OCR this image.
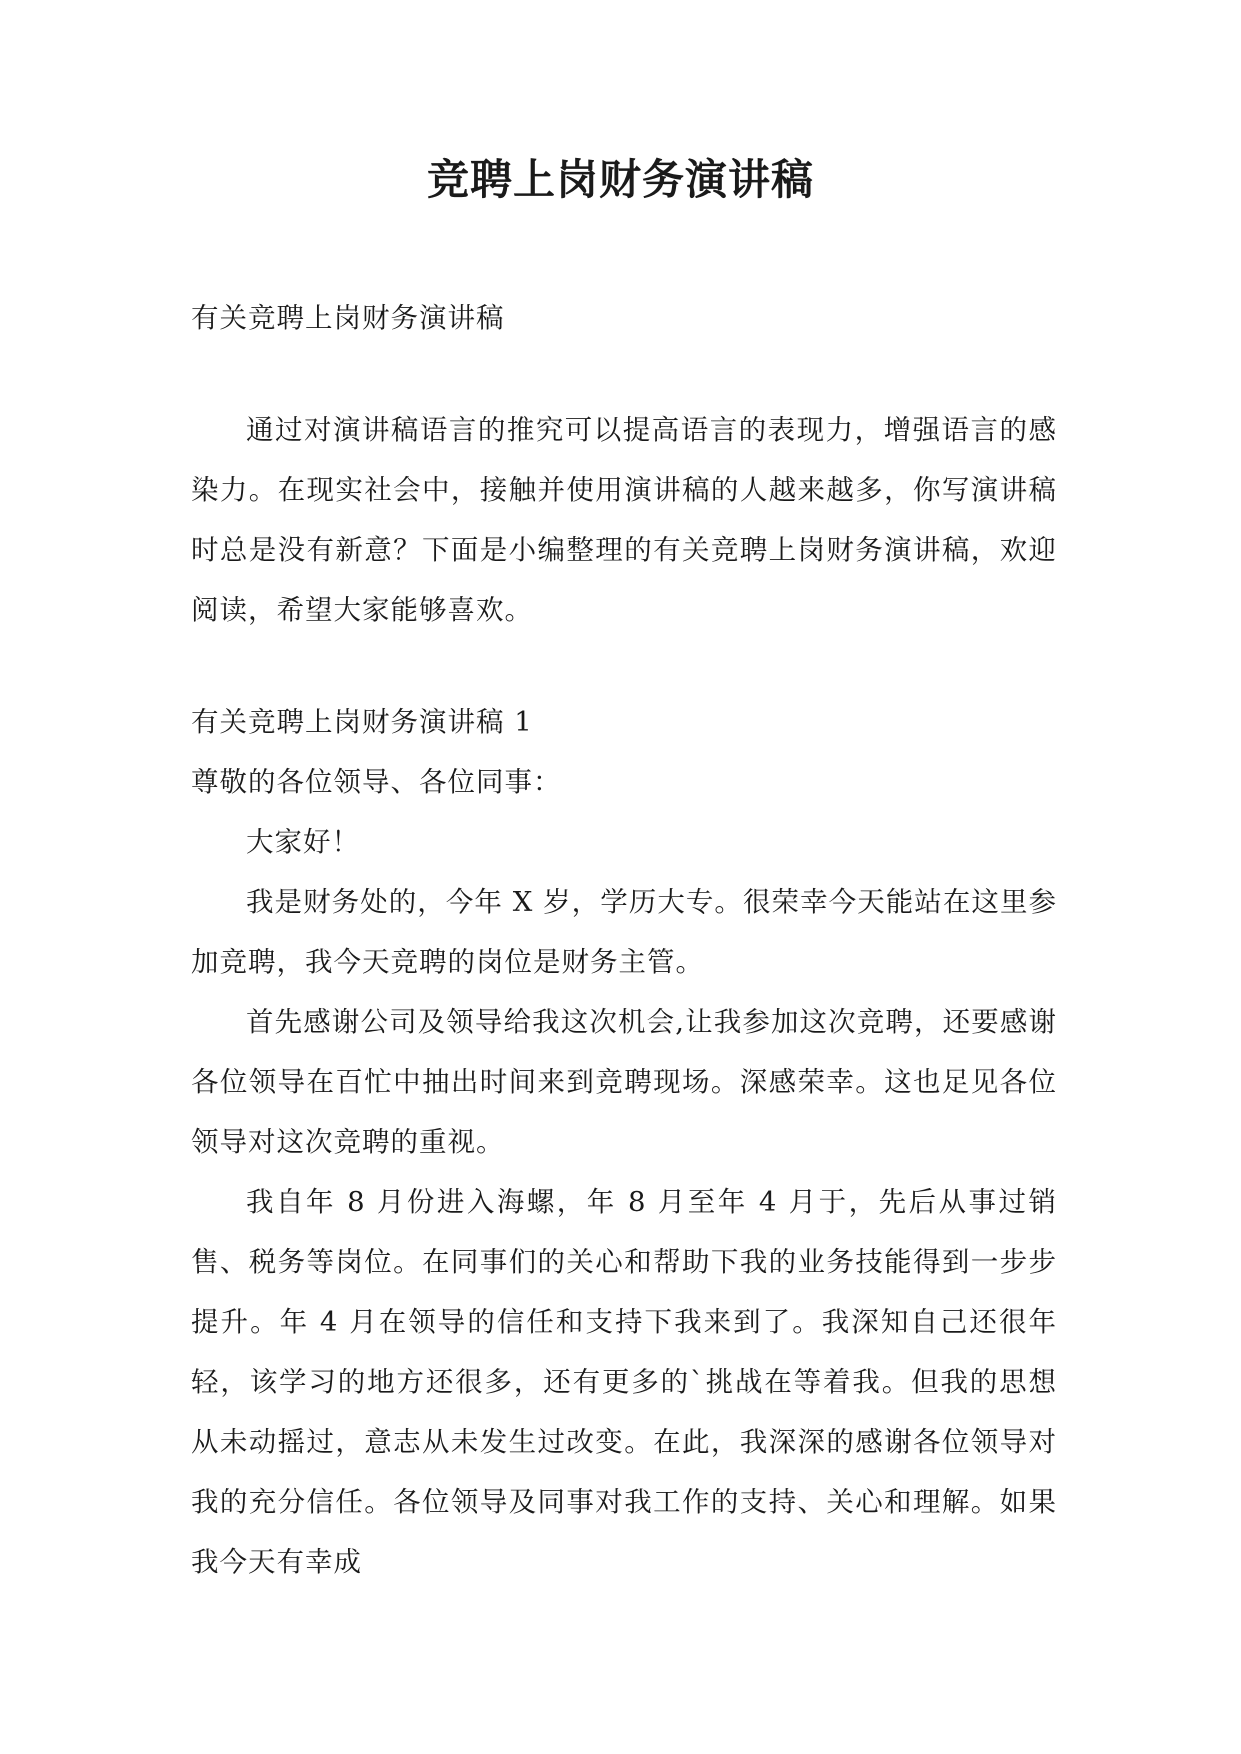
竞聘上岗财务演讲稿

有关竞聘上岗财务演讲稿

通过对演讲稿语言的推究可以提高语言的表现力，增强语言的感染力。在现实社会中，接触并使用演讲稿的人越来越多，你写演讲稿时总是没有新意？下面是小编整理的有关竞聘上岗财务演讲稿，欢迎阅读，希望大家能够喜欢。

有关竞聘上岗财务演讲稿 1

尊敬的各位领导、各位同事：

大家好！

我是财务处的，今年 X 岁，学历大专。很荣幸今天能站在这里参加竞聘，我今天竞聘的岗位是财务主管。

首先感谢公司及领导给我这次机会,让我参加这次竞聘，还要感谢各位领导在百忙中抽出时间来到竞聘现场。深感荣幸。这也足见各位领导对这次竞聘的重视。

我自年 8 月份进入海螺，年 8 月至年 4 月于，先后从事过销售、税务等岗位。在同事们的关心和帮助下我的业务技能得到一步步提升。年 4 月在领导的信任和支持下我来到了。我深知自己还很年轻，该学习的地方还很多，还有更多的`挑战在等着我。但我的思想从未动摇过，意志从未发生过改变。在此，我深深的感谢各位领导对我的充分信任。各位领导及同事对我工作的支持、关心和理解。如果我今天有幸成
